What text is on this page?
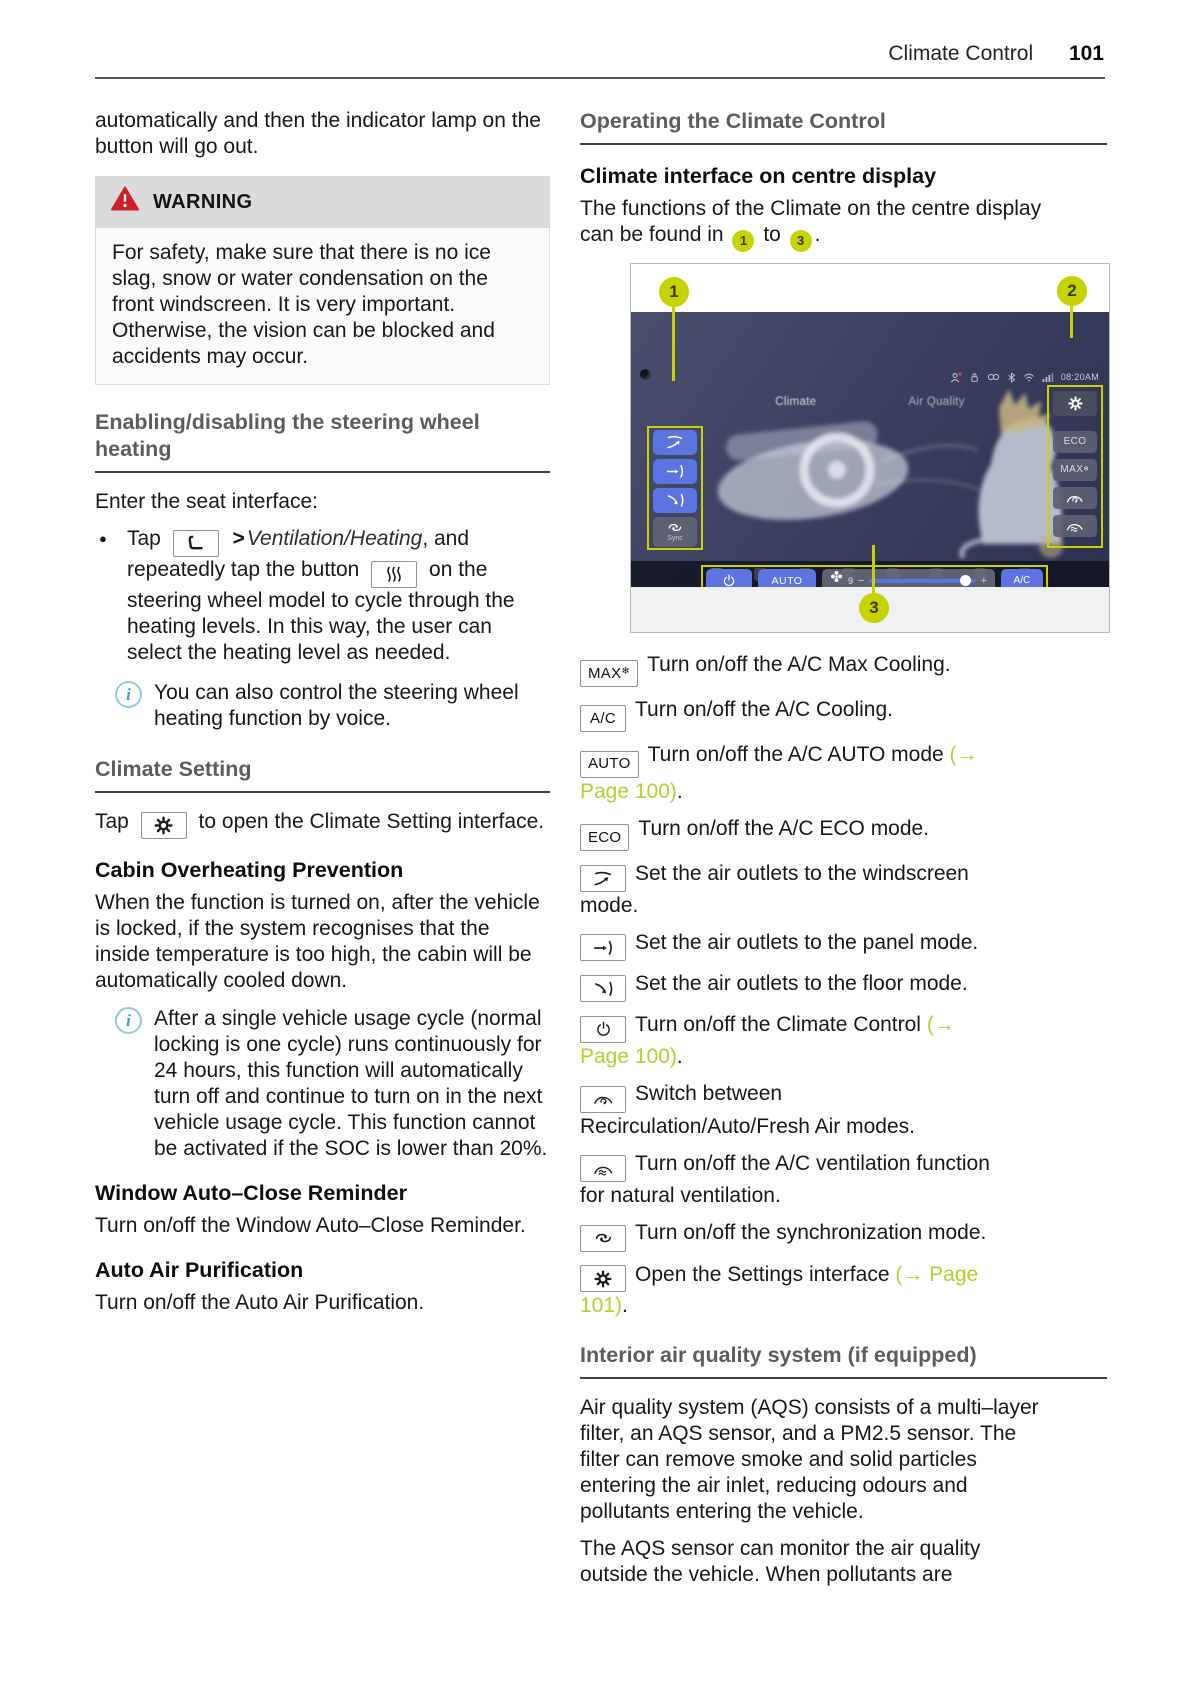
Climate Control 101

automatically and then the indicator lamp on the button will go out.

WARNING
For safety, make sure that there is no ice slag, snow or water condensation on the front windscreen. It is very important. Otherwise, the vision can be blocked and accidents may occur.
Enabling/disabling the steering wheel heating

Enter the seat interface:

● Tap	>Ventilation/Heating, and repeatedly tap the button	on the steering wheel model to cycle through the heating levels. In this way, the user can select the heating level as needed.
i	You can also control the steering wheel heating function by voice.
Climate Setting

Tap	to open the Climate Setting interface.

Cabin Overheating Prevention

When the function is turned on, after the vehicle is locked, if the system recognises that the inside temperature is too high, the cabin will be automatically cooled down.

i	After a single vehicle usage cycle (normal locking is one cycle) runs continuously for 24 hours, this function will automatically turn off and continue to turn on in the next vehicle usage cycle. This function cannot be activated if the SOC is lower than 20%.
Window Auto–Close Reminder

Turn on/off the Window Auto–Close Reminder.

Auto Air Purification

Turn on/off the Auto Air Purification.

Operating the Climate Control
Climate interface on centre display

The functions of the Climate on the centre display can be found in 1 to 3 .

1	2
3
08:20AM
Climate	Air Quality
Sync
ECO
MAX ❄
AUTO	9 −	+	A/C

MAX❄ Turn on/off the A/C Max Cooling.

A/C Turn on/off the A/C Cooling.

AUTO Turn on/off the A/C AUTO mode (→ Page 100).

ECO Turn on/off the A/C ECO mode.

Set the air outlets to the windscreen mode.

Set the air outlets to the panel mode.

Set the air outlets to the floor mode.

Turn on/off the Climate Control (→ Page 100).

Switch between Recirculation/Auto/Fresh Air modes.

Turn on/off the A/C ventilation function for natural ventilation.

Turn on/off the synchronization mode.

Open the Settings interface (→ Page 101).

Interior air quality system (if equipped)

Air quality system (AQS) consists of a multi–layer filter, an AQS sensor, and a PM2.5 sensor. The filter can remove smoke and solid particles entering the air inlet, reducing odours and pollutants entering the vehicle.

The AQS sensor can monitor the air quality outside the vehicle. When pollutants are
